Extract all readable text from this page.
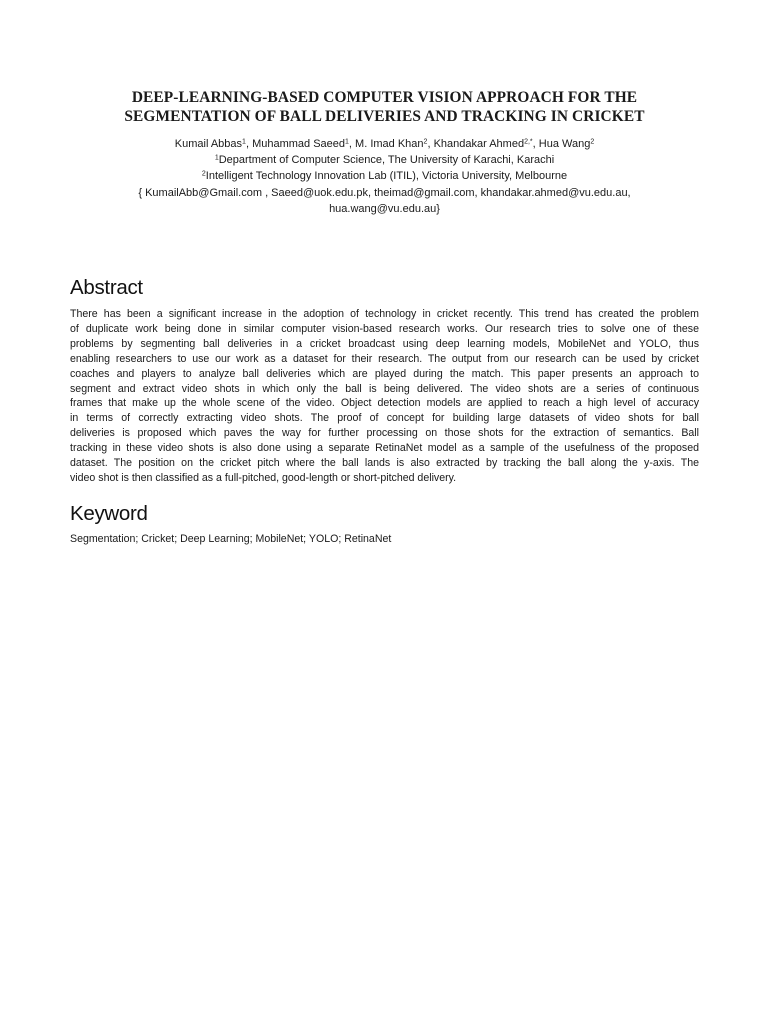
DEEP-LEARNING-BASED COMPUTER VISION APPROACH FOR THE
SEGMENTATION OF BALL DELIVERIES AND TRACKING IN CRICKET
Kumail Abbas$^1$, Muhammad Saeed$^1$, M. Imad Khan$^2$, Khandakar Ahmed$^{2,*}$, Hua Wang$^2$
$^1$Department of Computer Science, The University of Karachi, Karachi
$^2$Intelligent Technology Innovation Lab (ITIL), Victoria University, Melbourne
{ KumailAbb@Gmail.com , Saeed@uok.edu.pk, theimad@gmail.com, khandakar.ahmed@vu.edu.au,
hua.wang@vu.edu.au}
Abstract

There has been a significant increase in the adoption of technology in cricket recently. This trend has created the problem
of duplicate work being done in similar computer vision-based research works. Our research tries to solve one of these
problems by segmenting ball deliveries in a cricket broadcast using deep learning models, MobileNet and YOLO, thus
enabling researchers to use our work as a dataset for their research. The output from our research can be used by cricket
coaches and players to analyze ball deliveries which are played during the match. This paper presents an approach to
segment and extract video shots in which only the ball is being delivered. The video shots are a series of continuous
frames that make up the whole scene of the video. Object detection models are applied to reach a high level of accuracy
in terms of correctly extracting video shots. The proof of concept for building large datasets of video shots for ball
deliveries is proposed which paves the way for further processing on those shots for the extraction of semantics. Ball
tracking in these video shots is also done using a separate RetinaNet model as a sample of the usefulness of the proposed
dataset. The position on the cricket pitch where the ball lands is also extracted by tracking the ball along the y-axis. The
video shot is then classified as a full-pitched, good-length or short-pitched delivery.

Keyword

Segmentation; Cricket; Deep Learning; MobileNet; YOLO; RetinaNet
